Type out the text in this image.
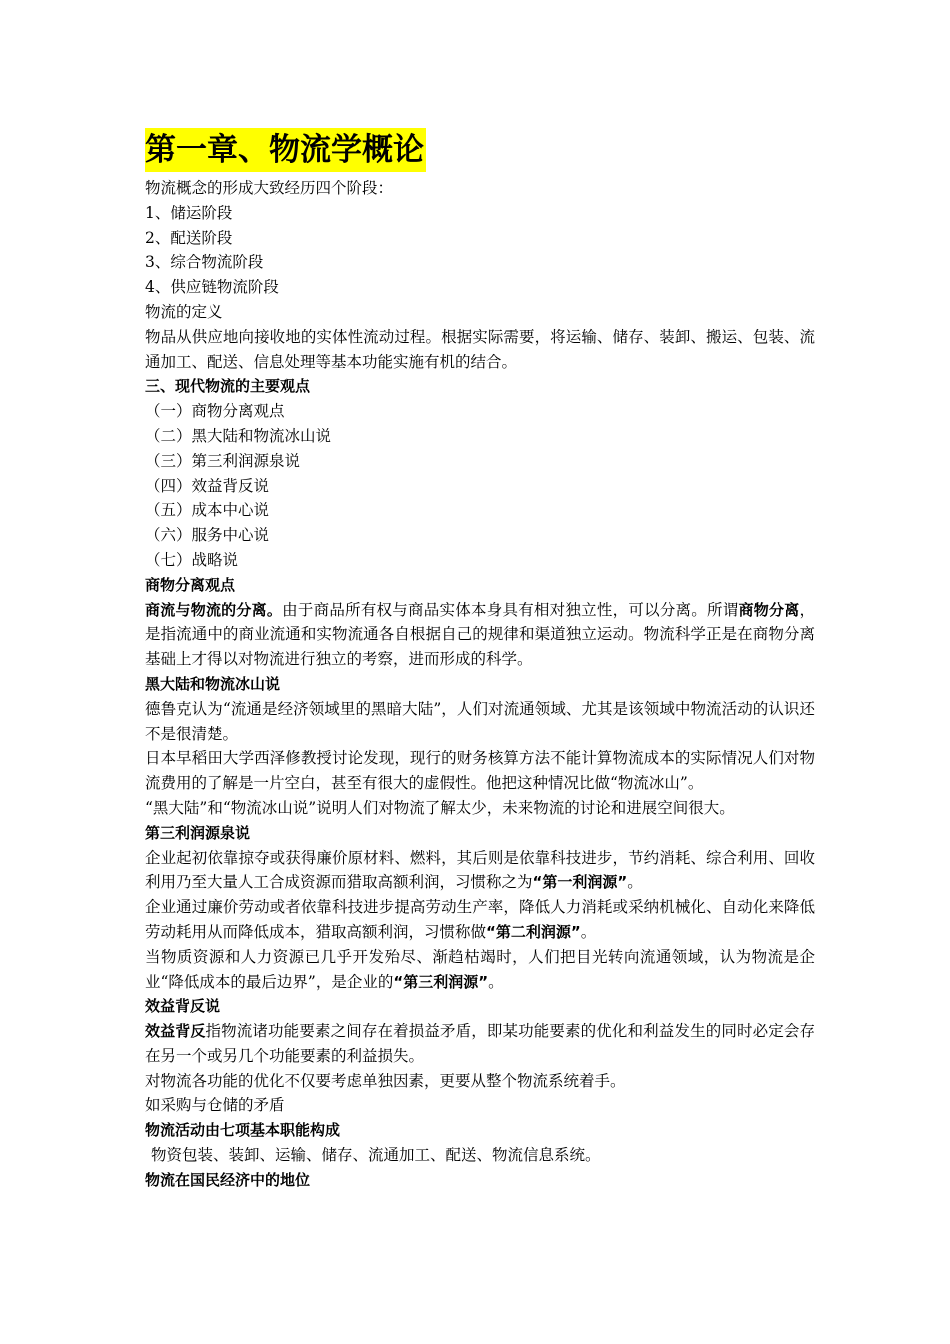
第一章、物流学概论

物流概念的形成大致经历四个阶段：

1、储运阶段

2、配送阶段

3、综合物流阶段

4、供应链物流阶段

物流的定义

物品从供应地向接收地的实体性流动过程。根据实际需要，将运输、储存、装卸、搬运、包装、流通加工、配送、信息处理等基本功能实施有机的结合。

三、现代物流的主要观点

（一）商物分离观点

（二）黑大陆和物流冰山说

（三）第三利润源泉说

（四）效益背反说

（五）成本中心说

（六）服务中心说

（七）战略说

商物分离观点

商流与物流的分离。由于商品所有权与商品实体本身具有相对独立性，可以分离。所谓商物分离，是指流通中的商业流通和实物流通各自根据自己的规律和渠道独立运动。物流科学正是在商物分离基础上才得以对物流进行独立的考察，进而形成的科学。

黑大陆和物流冰山说

德鲁克认为“流通是经济领域里的黑暗大陆”，人们对流通领域、尤其是该领域中物流活动的认识还不是很清楚。

日本早稻田大学西泽修教授讨论发现，现行的财务核算方法不能计算物流成本的实际情况人们对物流费用的了解是一片空白，甚至有很大的虚假性。他把这种情况比做“物流冰山”。

“黑大陆”和“物流冰山说”说明人们对物流了解太少，未来物流的讨论和进展空间很大。

第三利润源泉说

企业起初依靠掠夺或获得廉价原材料、燃料，其后则是依靠科技进步，节约消耗、综合利用、回收利用乃至大量人工合成资源而猎取高额利润，习惯称之为“第一利润源”。

企业通过廉价劳动或者依靠科技进步提高劳动生产率，降低人力消耗或采纳机械化、自动化来降低劳动耗用从而降低成本，猎取高额利润，习惯称做“第二利润源”。

当物质资源和人力资源已几乎开发殆尽、渐趋枯竭时，人们把目光转向流通领域，认为物流是企业“降低成本的最后边界”，是企业的“第三利润源”。

效益背反说

效益背反指物流诸功能要素之间存在着损益矛盾，即某功能要素的优化和利益发生的同时必定会存在另一个或另几个功能要素的利益损失。

对物流各功能的优化不仅要考虑单独因素，更要从整个物流系统着手。

如采购与仓储的矛盾

物流活动由七项基本职能构成

物资包装、装卸、运输、储存、流通加工、配送、物流信息系统。

物流在国民经济中的地位
